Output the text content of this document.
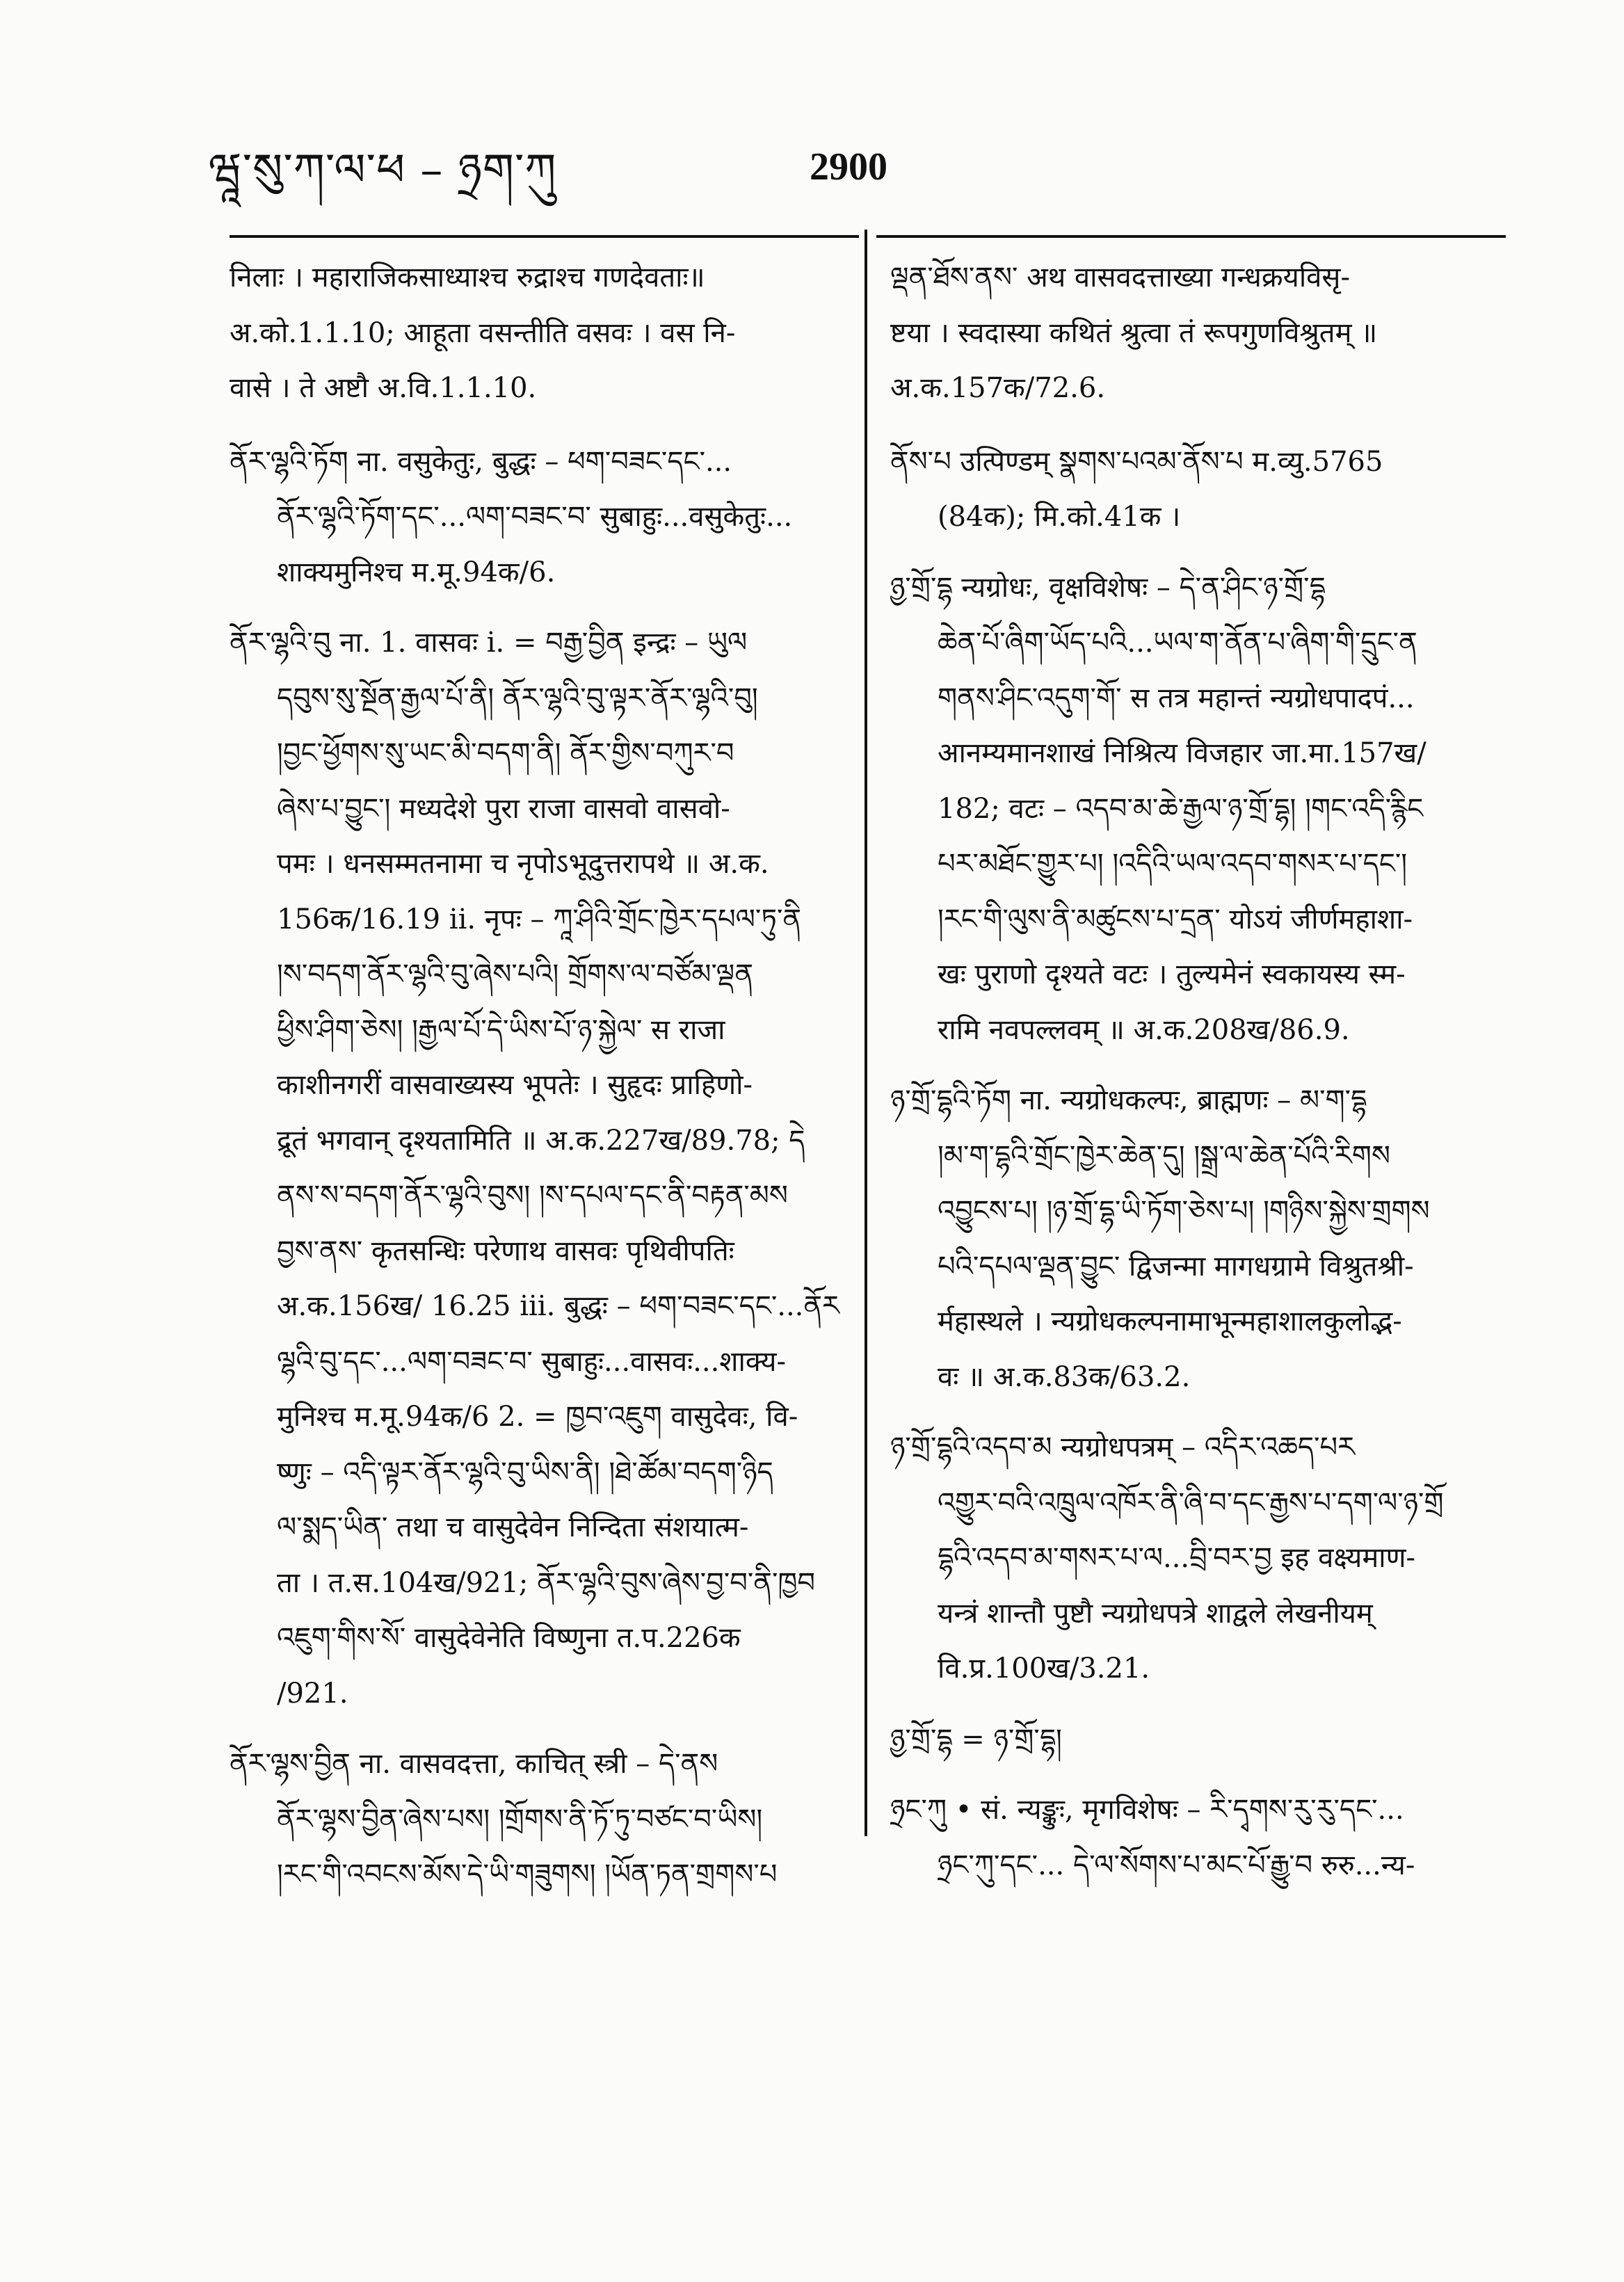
ཝཱ་སུ་ཀ་ལ་ཕ – ཉྲག་ཀུ	2900
निलाः । महाराजिकसाध्याश्च रुद्राश्च गणदेवताः॥
अ.को.1.1.10; आहूता वसन्तीति वसवः । वस नि-
वासे । ते अष्टौ अ.वि.1.1.10.
ནོར་ལྷའི་ཏོག ना. वसुकेतुः, बुद्धः – ཕག་བཟང་དང་...
ནོར་ལྷའི་ཏོག་དང་...ལག་བཟང་བ་ सुबाहुः...वसुकेतुः...
शाक्यमुनिश्च म.मू.94क/6.
ནོར་ལྷའི་བུ ना. 1. वासवः i. = བརྒྱ་བྱིན इन्द्रः – ཡུལ
དབུས་སུ་སྔོན་རྒྱལ་པོ་ནི། ནོར་ལྷའི་བུ་ལྟར་ནོར་ལྷའི་བུ།
།བྱང་ཕྱོགས་སུ་ཡང་མི་བདག་ནི། ནོར་གྱིས་བཀུར་བ
ཞེས་པ་བྱུང༌། मध्यदेशे पुरा राजा वासवो वासवो-
पमः । धनसम्मतनामा च नृपोऽभूदुत्तरापथे ॥ अ.क.
156क/16.19 ii. नृपः – ཀཱ་ཤིའི་གྲོང་ཁྱེར་དཔལ་ཏུ་ནི
།ས་བདག་ནོར་ལྷའི་བུ་ཞེས་པའི། གྲོགས་ལ་བཙོམ་ལྡན
ཕྱིས་ཤིག་ཅེས། །རྒྱལ་པོ་དེ་ཡིས་པོ་ཉ་སྐྱེལ༌ स राजा
काशीनगरीं वासवाख्यस्य भूपतेः । सुहृदः प्राहिणो-
द्रूतं भगवान् दृश्यतामिति ॥ अ.क.227ख/89.78; དེ
ནས་ས་བདག་ནོར་ལྷའི་བུས། །ས་དཔལ་དང་ནི་བརྟན་མས
བྱས་ནས༌ कृतसन्धिः परेणाथ वासवः पृथिवीपतिः
अ.क.156ख/ 16.25 iii. बुद्धः – ཕག་བཟང་དང་...ནོར
ལྷའི་བུ་དང་...ལག་བཟང་བ་ सुबाहुः...वासवः...शाक्य-
मुनिश्च म.मू.94क/6 2. = ཁྱབ་འཇུག वासुदेवः, वि-
ष्णुः – འདི་ལྟར་ནོར་ལྷའི་བུ་ཡིས་ནི། །ཐེ་ཚོམ་བདག་ཉིད
ལ་སྨད་ཡིན༌ तथा च वासुदेवेन निन्दिता संशयात्म-
ता । त.स.104ख/921; ནོར་ལྷའི་བུས་ཞེས་བྱ་བ་ནི་ཁྱབ
འཇུག་གིས་སོ༌ वासुदेवेनेति विष्णुना त.प.226क
/921.
ནོར་ལྷས་བྱིན ना. वासवदत्ता, काचित् स्त्री – དེ་ནས
ནོར་ལྷས་བྱིན་ཞེས་པས། །གྲོགས་ནི་ཏོ་ཏུ་བཙང་བ་ཡིས།
།རང་གི་འབངས་མོས་དེ་ཡི་གཟུགས། །ཡོན་ཏན་གྲགས་པ
ལྡན་ཐོས་ནས༌ अथ वासवदत्ताख्या गन्धक्रयविसृ-
ष्टया । स्वदास्या कथितं श्रुत्वा तं रूपगुणविश्रुतम् ॥
अ.क.157क/72.6.
ནོས་པ उत्पिण्डम् སྣགས་པའམ་ནོས་པ म.व्यु.5765
(84क); मि.को.41क ।
ཉྱ་གྲོ་དྷ न्यग्रोधः, वृक्षविशेषः – དེ་ན་ཤིང་ཉ་གྲོ་དྷ
ཆེན་པོ་ཞིག་ཡོད་པའི...ཡལ་ག་ནོན་པ་ཞིག་གི་དྲུང་ན
གནས་ཤིང་འདུག་གོ༌ स तत्र महान्तं न्यग्रोधपादपं...
आनम्यमानशाखं निश्रित्य विजहार जा.मा.157ख/
182; वटः – འདབ་མ་ཆེ་རྒྱལ་ཉ་གྲོ་དྷ། །གང་འདི་རྙིང
པར་མཐོང་གྱུར་པ། །འདིའི་ཡལ་འདབ་གསར་པ་དང་།
།རང་གི་ལུས་ནི་མཚུངས་པ་དྲན༌ योऽयं जीर्णमहाशा-
खः पुराणो दृश्यते वटः । तुल्यमेनं स्वकायस्य स्म-
रामि नवपल्लवम् ॥ अ.क.208ख/86.9.
ཉ་གྲོ་དྷའི་ཏོག ना. न्यग्रोधकल्पः, ब्राह्मणः – མ་ག་དྷ
།མ་ག་དྷའི་གྲོང་ཁྱེར་ཆེན་དུ། །སྒྲ་ལ་ཆེན་པོའི་རིགས
འབྱུངས་པ། །ཉ་གྲོ་དྷ་ཡི་ཏོག་ཅེས་པ། །གཉིས་སྐྱེས་གྲགས
པའི་དཔལ་ལྡན་བྱུང༌ द्विजन्मा मागधग्रामे विश्रुतश्री-
र्महास्थले । न्यग्रोधकल्पनामाभून्महाशालकुलोद्भ-
वः ॥ अ.क.83क/63.2.
ཉ་གྲོ་དྷའི་འདབ་མ न्यग्रोधपत्रम् – འདིར་འཆད་པར
འགྱུར་བའི་འཁྲུལ་འཁོར་ནི་ཞི་བ་དང་རྒྱས་པ་དག་ལ་ཉ་གྲོ
དྷའི་འདབ་མ་གསར་པ་ལ...བྲི་བར་བྱ इह वक्ष्यमाण-
यन्त्रं शान्तौ पुष्टौ न्यग्रोधपत्रे शाद्वले लेखनीयम्
वि.प्र.100ख/3.21.
ཉྱ་གྲོ་དྷ = ཉ་གྲོ་དྷ།
ཉྲང་ཀུ • सं. न्यङ्कुः, मृगविशेषः – རི་དྭགས་རུ་རུ་དང་...
ཉྲང་ཀུ་དང་... དེ་ལ་སོགས་པ་མང་པོ་རྒྱུ་བ रुरु...न्य-
